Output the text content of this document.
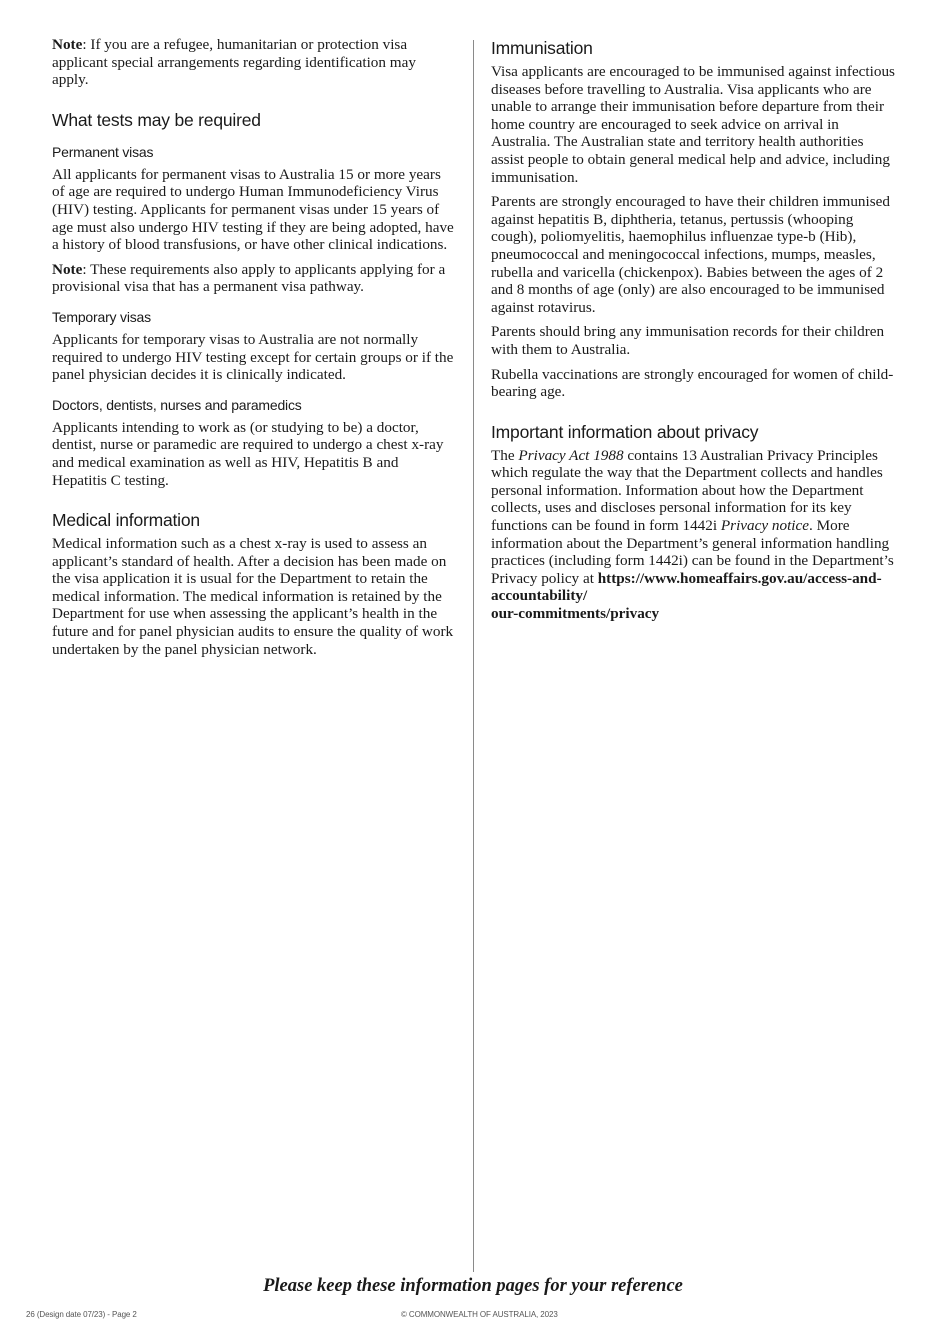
Note: If you are a refugee, humanitarian or protection visa applicant special arrangements regarding identification may apply.

What tests may be required
Permanent visas

All applicants for permanent visas to Australia 15 or more years of age are required to undergo Human Immunodeficiency Virus (HIV) testing. Applicants for permanent visas under 15 years of age must also undergo HIV testing if they are being adopted, have a history of blood transfusions, or have other clinical indications.

Note: These requirements also apply to applicants applying for a provisional visa that has a permanent visa pathway.

Temporary visas

Applicants for temporary visas to Australia are not normally required to undergo HIV testing except for certain groups or if the panel physician decides it is clinically indicated.

Doctors, dentists, nurses and paramedics

Applicants intending to work as (or studying to be) a doctor, dentist, nurse or paramedic are required to undergo a chest x-ray and medical examination as well as HIV, Hepatitis B and Hepatitis C testing.

Medical information

Medical information such as a chest x-ray is used to assess an applicant’s standard of health. After a decision has been made on the visa application it is usual for the Department to retain the medical information. The medical information is retained by the Department for use when assessing the applicant’s health in the future and for panel physician audits to ensure the quality of work undertaken by the panel physician network.

Immunisation

Visa applicants are encouraged to be immunised against infectious diseases before travelling to Australia. Visa applicants who are unable to arrange their immunisation before departure from their home country are encouraged to seek advice on arrival in Australia. The Australian state and territory health authorities assist people to obtain general medical help and advice, including immunisation.

Parents are strongly encouraged to have their children immunised against hepatitis B, diphtheria, tetanus, pertussis (whooping cough), poliomyelitis, haemophilus influenzae type-b (Hib), pneumococcal and meningococcal infections, mumps, measles, rubella and varicella (chickenpox). Babies between the ages of 2 and 8 months of age (only) are also encouraged to be immunised against rotavirus.

Parents should bring any immunisation records for their children with them to Australia.

Rubella vaccinations are strongly encouraged for women of child-bearing age.

Important information about privacy

The Privacy Act 1988 contains 13 Australian Privacy Principles which regulate the way that the Department collects and handles personal information. Information about how the Department collects, uses and discloses personal information for its key functions can be found in form 1442i Privacy notice. More information about the Department’s general information handling practices (including form 1442i) can be found in the Department’s Privacy policy at https://www.homeaffairs.gov.au/access-and-accountability/
our-commitments/privacy

Please keep these information pages for your reference
26 (Design date 07/23) - Page 2	© COMMONWEALTH OF AUSTRALIA, 2023
